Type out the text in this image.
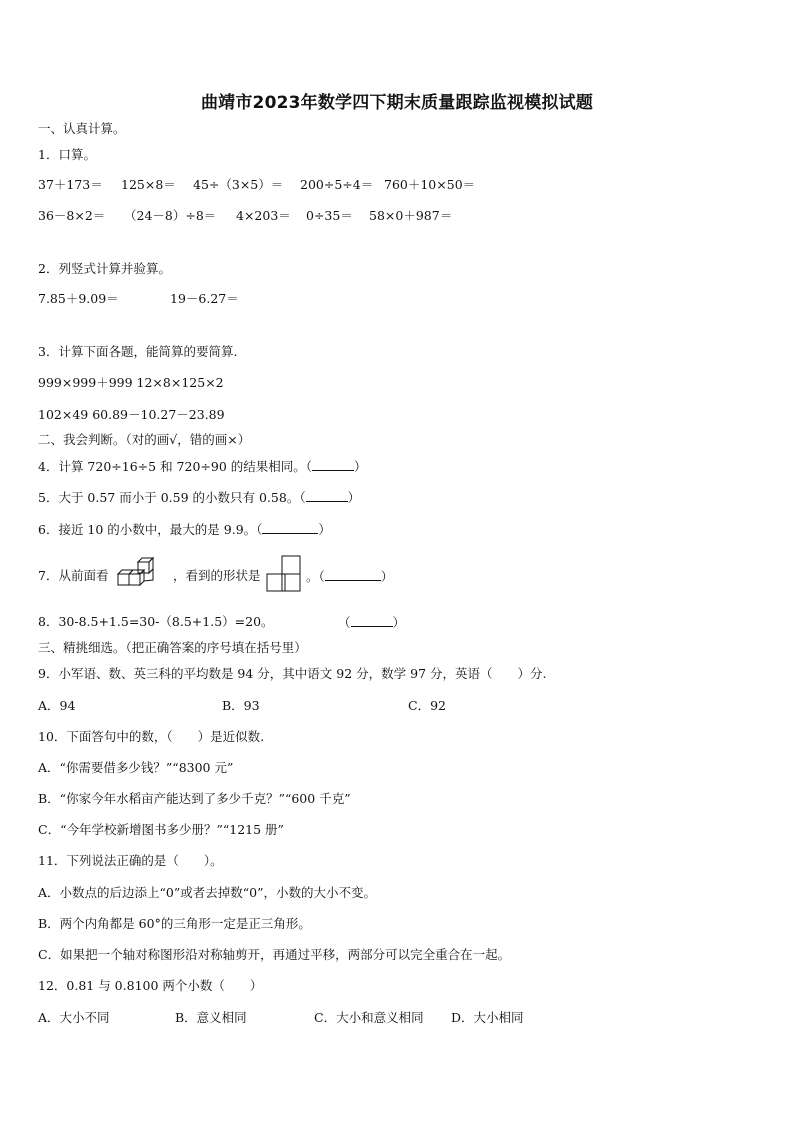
曲靖市2023年数学四下期末质量跟踪监视模拟试题
一、认真计算。
1．口算。

37＋173＝

125×8＝

45÷（3×5）＝

200÷5÷4＝

760＋10×50＝

36－8×2＝

（24－8）÷8＝

4×203＝

0÷35＝

58×0＋987＝

2．列竖式计算并验算。

7.85＋9.09＝

	19－6.27＝

3．计算下面各题，能简算的要简算.
999×999＋999 12×8×125×2
102×49 60.89－10.27－23.89
二、我会判断。（对的画√，错的画×）
4．计算 720÷16÷5 和 720÷90 的结果相同。（	）
5．大于 0.57 而小于 0.59 的小数只有 0.58。（	）
6．接近 10 的小数中，最大的是 9.9。（	）
7．从前面看	，看到的形状是	。（	）
8．30-8.5+1.5=30-（8.5+1.5）=20。	（	）
三、精挑细选。（把正确答案的序号填在括号里）
9．小军语、数、英三科的平均数是 94 分，其中语文 92 分，数学 97 分，英语（　　）分.

A．94

	B．93

	C．92

10．下面答句中的数，（　　）是近似数.
A．“你需要借多少钱？”“8300 元”
B．“你家今年水稻亩产能达到了多少千克？”“600 千克”
C．“今年学校新增图书多少册？”“1215 册”
11．下列说法正确的是（　　）。
A．小数点的后边添上“0”或者去掉数“0”，小数的大小不变。
B．两个内角都是 60°的三角形一定是正三角形。
C．如果把一个轴对称图形沿对称轴剪开，再通过平移，两部分可以完全重合在一起。
12．0.81 与 0.8100 两个小数（　　）

A．大小不同

	B．意义相同

	C．大小和意义相同

D．大小相同
